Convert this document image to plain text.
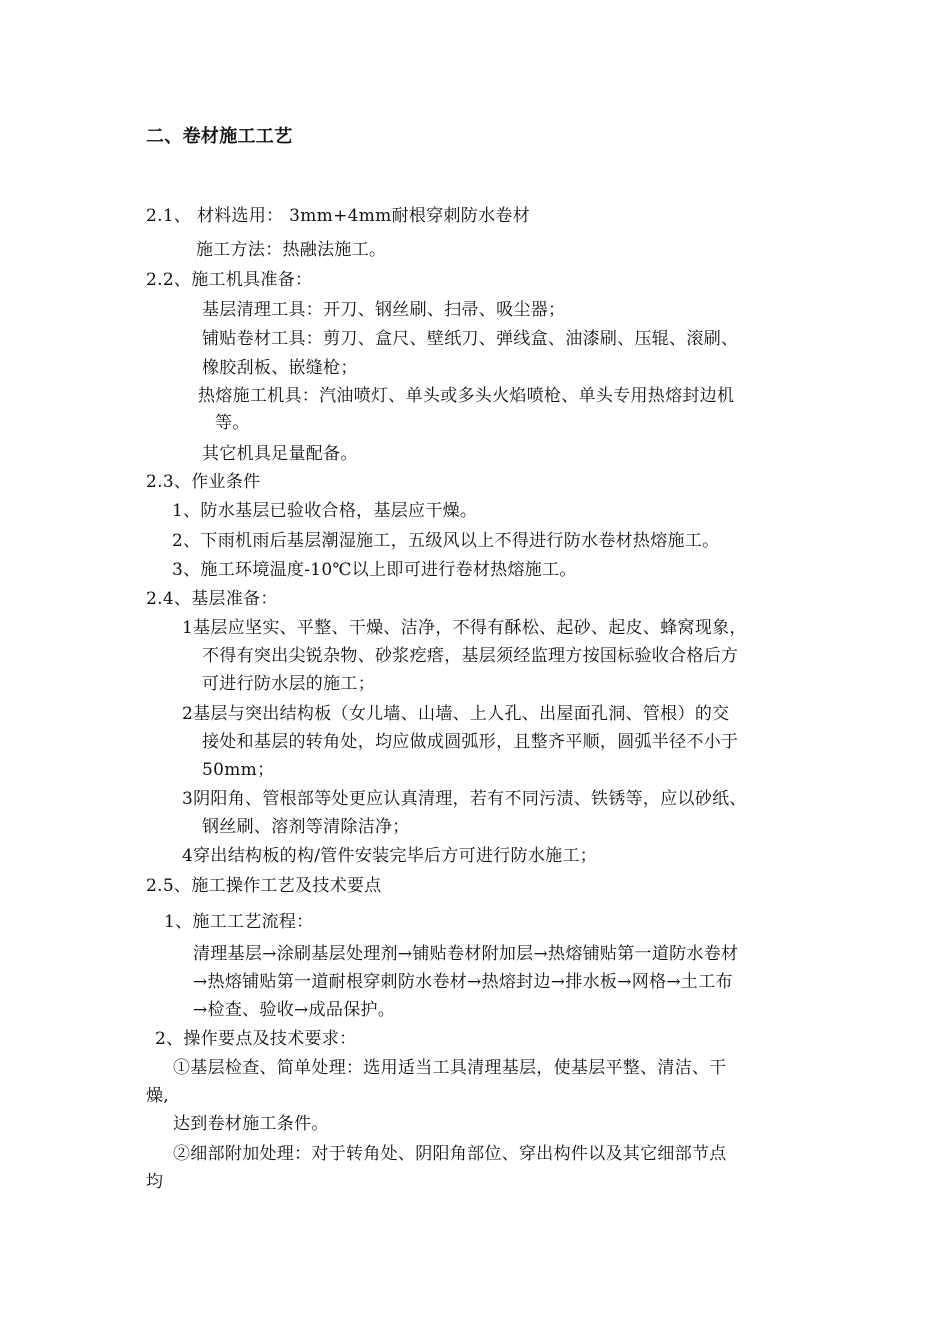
二、卷材施工工艺
2.1、 材料选用： 3mm+4mm耐根穿刺防水卷材
施工方法：热融法施工。
2.2、施工机具准备：
基层清理工具：开刀、钢丝刷、扫帚、吸尘器；
铺贴卷材工具：剪刀、盒尺、壁纸刀、弹线盒、油漆刷、压辊、滚刷、
橡胶刮板、嵌缝枪；
热熔施工机具：汽油喷灯、单头或多头火焰喷枪、单头专用热熔封边机
等。
其它机具足量配备。
2.3、作业条件
1、防水基层已验收合格，基层应干燥。
2、下雨机雨后基层潮湿施工，五级风以上不得进行防水卷材热熔施工。
3、施工环境温度-10℃以上即可进行卷材热熔施工。
2.4、基层准备：
1基层应坚实、平整、干燥、洁净，不得有酥松、起砂、起皮、蜂窝现象，
不得有突出尖锐杂物、砂浆疙瘩，基层须经监理方按国标验收合格后方
可进行防水层的施工；
2基层与突出结构板（女儿墙、山墙、上人孔、出屋面孔洞、管根）的交
接处和基层的转角处，均应做成圆弧形，且整齐平顺，圆弧半径不小于
50mm；
3阴阳角、管根部等处更应认真清理，若有不同污渍、铁锈等，应以砂纸、
钢丝刷、溶剂等清除洁净；
4穿出结构板的构/管件安装完毕后方可进行防水施工；
2.5、施工操作工艺及技术要点
1、施工工艺流程：
清理基层→涂刷基层处理剂→铺贴卷材附加层→热熔铺贴第一道防水卷材
→热熔铺贴第一道耐根穿刺防水卷材→热熔封边→排水板→网格→土工布
→检查、验收→成品保护。
2、操作要点及技术要求：
①基层检查、简单处理：选用适当工具清理基层，使基层平整、清洁、干
燥,
达到卷材施工条件。
②细部附加处理：对于转角处、阴阳角部位、穿出构件以及其它细部节点
均
